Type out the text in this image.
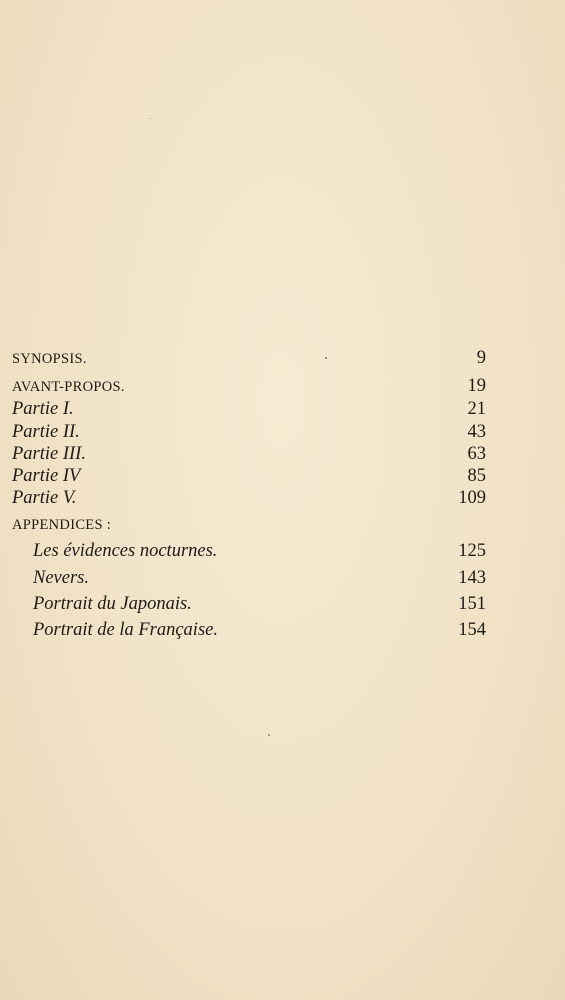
SYNOPSIS.	9
AVANT-PROPOS.	19
Partie I.	21
Partie II.	43
Partie III.	63
Partie IV	85
Partie V.	109
APPENDICES :
Les évidences nocturnes.	125
Nevers.	143
Portrait du Japonais.	151
Portrait de la Française.	154
